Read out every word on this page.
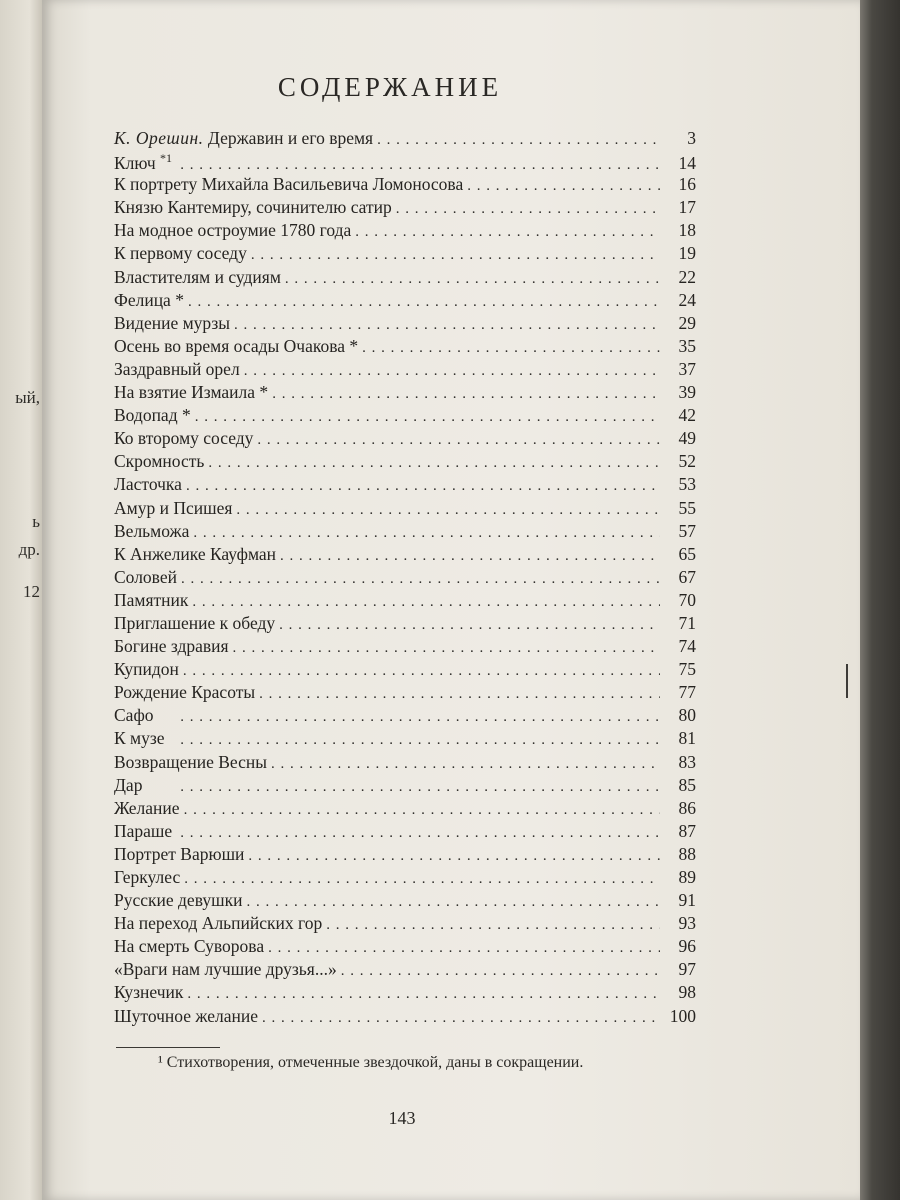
ый,
ь
др.
12
СОДЕРЖАНИЕ
К. Орешин. Державин и его время . . .	3
Ключ $^{*1}$ . . .	14
К портрету Михайла Васильевича Ломоносова . . .	16
Князю Кантемиру, сочинителю сатир . . .	17
На модное остроумие 1780 года . . .	18
К первому соседу . . .	19
Властителям и судиям . . .	22
Фелица * . . .	24
Видение мурзы . . .	29
Осень во время осады Очакова * . . .	35
Заздравный орел . . .	37
На взятие Измаила * . . .	39
Водопад * . . .	42
Ко второму соседу . . .	49
Скромность . . .	52
Ласточка . . .	53
Амур и Псишея . . .	55
Вельможа . . .	57
К Анжелике Кауфман . . .	65
Соловей . . .	67
Памятник . . .	70
Приглашение к обеду . . .	71
Богине здравия . . .	74
Купидон . . .	75
Рождение Красоты . . .	77
Сафо . . .	80
К музе . . .	81
Возвращение Весны . . .	83
Дар . . .	85
Желание . . .	86
Параше . . .	87
Портрет Варюши . . .	88
Геркулес . . .	89
Русские девушки . . .	91
На переход Альпийских гор . . .	93
На смерть Суворова . . .	96
«Враги нам лучшие друзья...» . . .	97
Кузнечик . . .	98
Шуточное желание . . .	100
¹ Стихотворения, отмеченные звездочкой, даны в сокращении.
143
